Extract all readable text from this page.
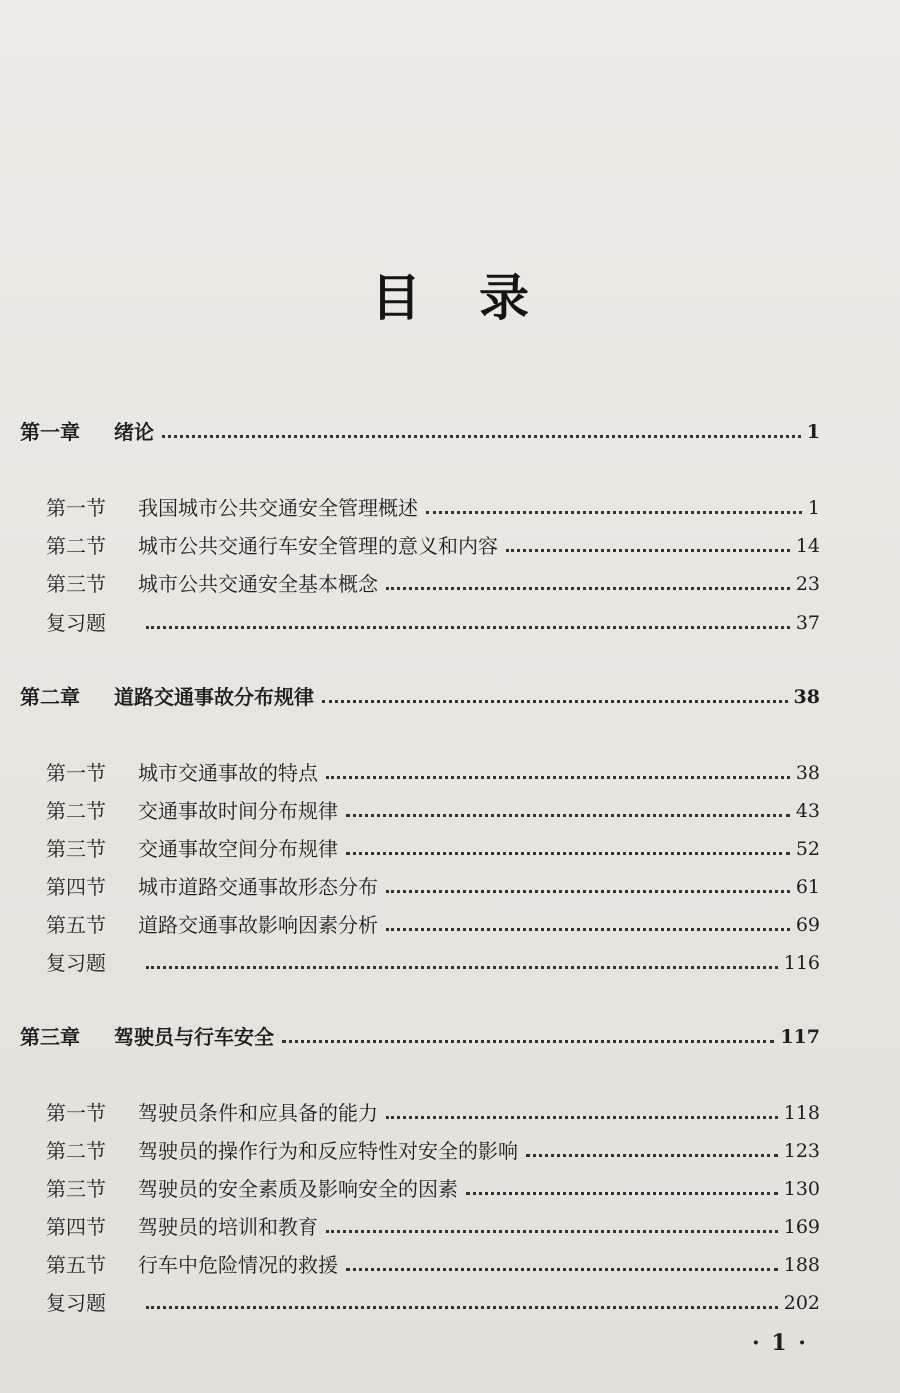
目录
第一章	绪论	1
第一节	我国城市公共交通安全管理概述	1
第二节	城市公共交通行车安全管理的意义和内容	14
第三节	城市公共交通安全基本概念	23
复习题	37
第二章	道路交通事故分布规律	38
第一节	城市交通事故的特点	38
第二节	交通事故时间分布规律	43
第三节	交通事故空间分布规律	52
第四节	城市道路交通事故形态分布	61
第五节	道路交通事故影响因素分析	69
复习题	116
第三章	驾驶员与行车安全	117
第一节	驾驶员条件和应具备的能力	118
第二节	驾驶员的操作行为和反应特性对安全的影响	123
第三节	驾驶员的安全素质及影响安全的因素	130
第四节	驾驶员的培训和教育	169
第五节	行车中危险情况的救援	188
复习题	202
· 1 ·
